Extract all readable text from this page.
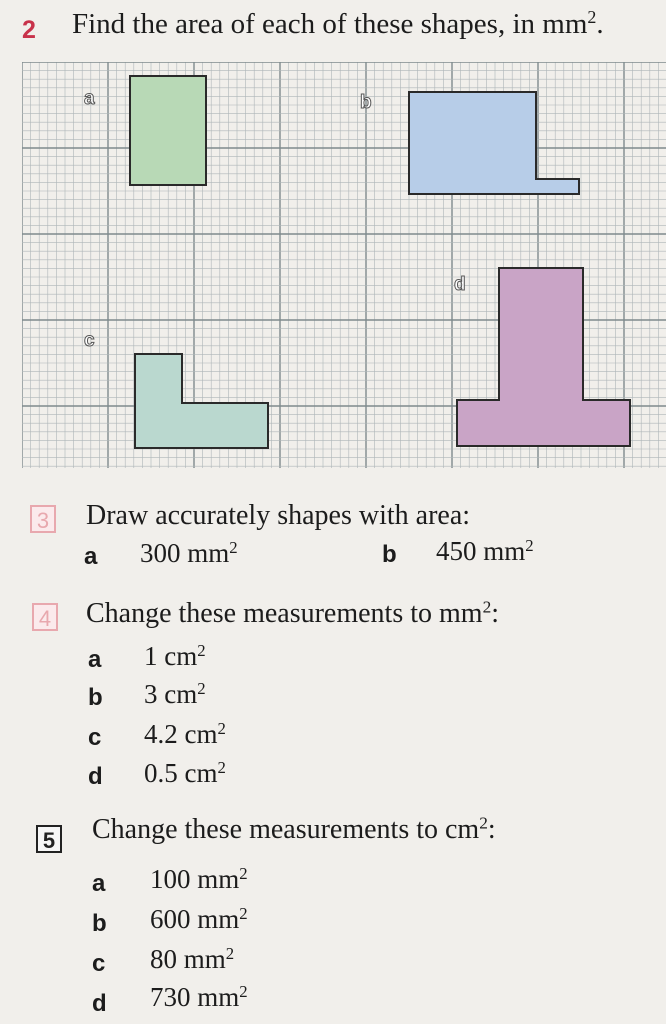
2 Find the area of each of these shapes, in $mm^2$.
a	b
c
d
3 Draw accurately shapes with area:
a 300 $mm^2$	b 450 $mm^2$
4 Change these measurements to $mm^2$:
a 1 $cm^2$
b 3 $cm^2$
c 4.2 $cm^2$
d 0.5 $cm^2$
5 Change these measurements to $cm^2$:
a 100 $mm^2$
b 600 $mm^2$
c 80 $mm^2$
d 730 $mm^2$
